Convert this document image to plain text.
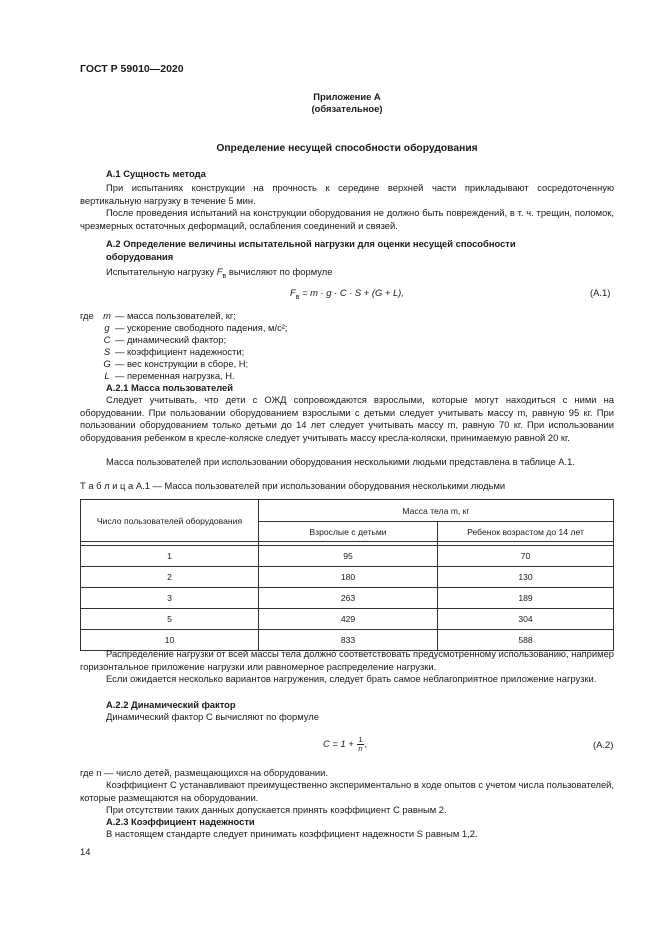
ГОСТ Р 59010—2020
Приложение А
(обязательное)
Определение несущей способности оборудования
А.1 Сущность метода
При испытаниях конструкции на прочность к середине верхней части прикладывают сосредоточенную вертикальную нагрузку в течение 5 мин.
После проведения испытаний на конструкции оборудования не должно быть повреждений, в т. ч. трещин, поломок, чрезмерных остаточных деформаций, ослабления соединений и связей.
А.2 Определение величины испытательной нагрузки для оценки несущей способности оборудования
Испытательную нагрузку $F_в$ вычисляют по формуле
$F_в = m \cdot g \cdot C \cdot S + (G + L)$,	(А.1)
где m — масса пользователей, кг;
g — ускорение свободного падения, м/с²;
C — динамический фактор;
S — коэффициент надежности;
G — вес конструкции в сборе, Н;
L — переменная нагрузка, Н.
А.2.1 Масса пользователей
Следует учитывать, что дети с ОЖД сопровождаются взрослыми, которые могут находиться с ними на оборудовании. При пользовании оборудованием взрослыми с детьми следует учитывать массу m, равную 95 кг. При пользовании оборудованием только детьми до 14 лет следует учитывать массу m, равную 70 кг. При использовании оборудования ребенком в кресле-коляске следует учитывать массу кресла-коляски, принимаемую равной 20 кг.
Масса пользователей при использовании оборудования несколькими людьми представлена в таблице А.1.
Т а б л и ц а А.1 — Масса пользователей при использовании оборудования несколькими людьми
Число пользователей оборудования	Масса тела m, кг	
	Взрослые с детьми	Ребенок возрастом до 14 лет

1	95	70
2	180	130
3	263	189
5	429	304
10	833	588
Распределение нагрузки от всей массы тела должно соответствовать предусмотренному использованию, например горизонтальное приложение нагрузки или равномерное распределение нагрузки.
Если ожидается несколько вариантов нагружения, следует брать самое неблагоприятное приложение нагрузки.
А.2.2 Динамический фактор
Динамический фактор C вычисляют по формуле
$C = 1 + \frac{1}{n}$ ,	(А.2)
где n — число детей, размещающихся на оборудовании.
Коэффициент C устанавливают преимущественно экспериментально в ходе опытов с учетом числа пользователей, которые размещаются на оборудовании.
При отсутствии таких данных допускается принять коэффициент C равным 2.
А.2.3 Коэффициент надежности
В настоящем стандарте следует принимать коэффициент надежности S равным 1,2.
14
